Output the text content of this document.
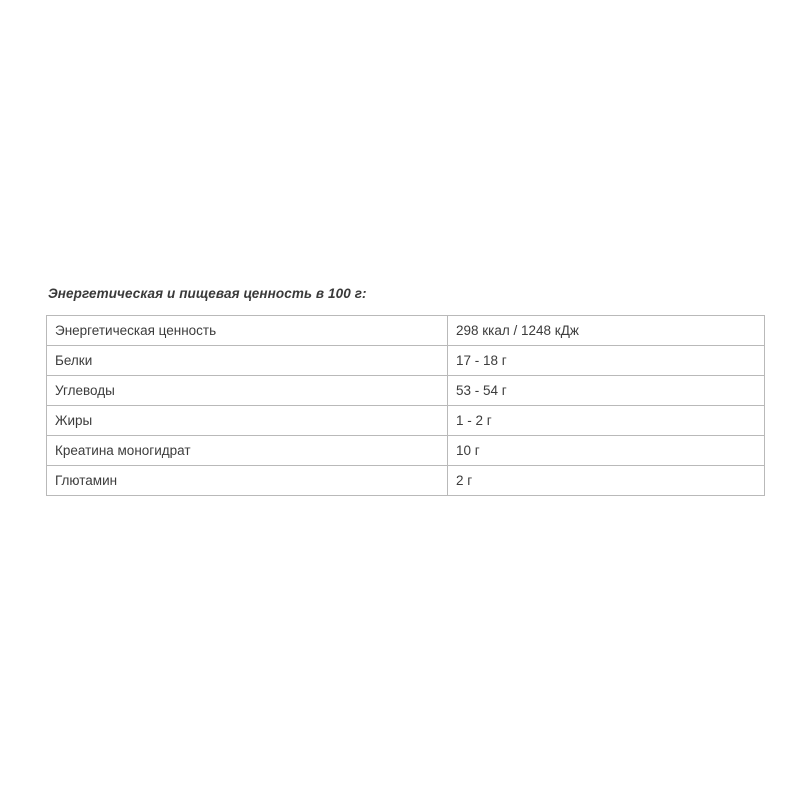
Энергетическая и пищевая ценность в 100 г:

Энергетическая ценность	298 ккал / 1248 кДж
Белки	17 - 18 г
Углеводы	53 - 54 г
Жиры	1 - 2 г
Креатина моногидрат	10 г
Глютамин	2 г
